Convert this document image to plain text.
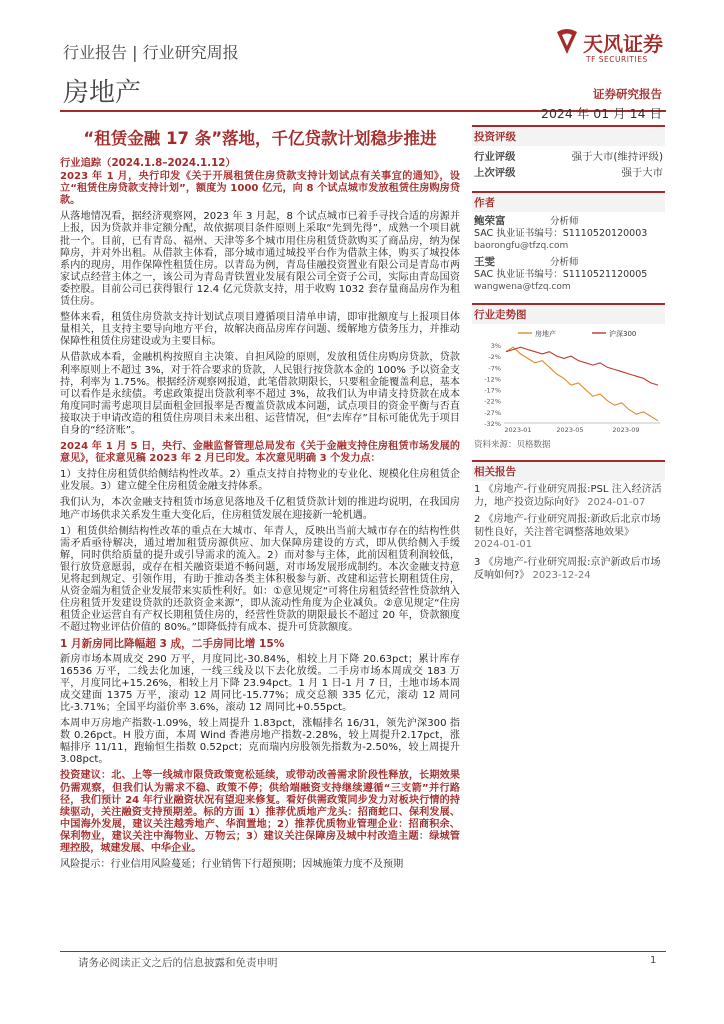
行业报告 | 行业研究周报
房地产
天风证券
TF SECURITIES
证券研究报告
2024 年 01 月 14 日
“租赁金融 17 条”落地，千亿贷款计划稳步推进

行业追踪（2024.1.8–2024.1.12）

2023 年 1 月，央行印发《关于开展租赁住房贷款支持计划试点有关事宜的通知》，设立“租赁住房贷款支持计划”，额度为 1000 亿元，向 8 个试点城市发放租赁住房购房贷款。

从落地情况看，据经济观察网，2023 年 3 月起，8 个试点城市已着手寻找合适的房源并上报，因为贷款并非定额分配，故依据项目条件原则上采取“先到先得”，成熟一个项目就批一个。目前，已有青岛、福州、天津等多个城市用住房租赁贷款购买了商品房，纳为保障房，并对外出租。从借款主体看，部分城市通过城投平台作为借款主体，购买了城投体系内的现房，用作保障性租赁住房。以青岛为例，青岛佳融投资置业有限公司是青岛市两家试点经营主体之一，该公司为青岛青铁置业发展有限公司全资子公司，实际由青岛国资委控股。目前公司已获得银行 12.4 亿元贷款支持，用于收购 1032 套存量商品房作为租赁住房。

整体来看，租赁住房贷款支持计划试点项目遵循项目清单申请，即审批额度与上报项目体量相关，且支持主要导向地方平台，故解决商品房库存问题、缓解地方债务压力，并推动保障性租赁住房建设或为主要目标。

从借款成本看，金融机构按照自主决策、自担风险的原则，发放租赁住房购房贷款，贷款利率原则上不超过 3%，对于符合要求的贷款，人民银行按贷款本金的 100% 予以资金支持，利率为 1.75%。根据经济观察网报道，此笔借款期限长，只要租金能覆盖利息，基本可以看作是永续债。考虑政策提出贷款利率不超过 3%，故我们认为申请支持贷款在成本角度同时需考虑项目层面租金回报率是否覆盖贷款成本问题，试点项目的资金平衡与否直接取决于申请改造的租赁住房项目未来出租、运营情况，但“去库存”目标可能优先于项目自身的“经济账”。

2024 年 1 月 5 日，央行、金融监督管理总局发布《关于金融支持住房租赁市场发展的意见》，征求意见稿 2023 年 2 月已印发。本次意见明确 3 个发力点：

1）支持住房租赁供给侧结构性改革。2）重点支持自持物业的专业化、规模化住房租赁企业发展。3）建立健全住房租赁金融支持体系。

我们认为，本次金融支持租赁市场意见落地及千亿租赁贷款计划的推进均说明，在我国房地产市场供求关系发生重大变化后，住房租赁发展在迎接新一轮机遇。

1）租赁供给侧结构性改革的重点在大城市、年青人，反映出当前大城市存在的结构性供需矛盾亟待解决，通过增加租赁房源供应、加大保障房建设的方式，即从供给侧入手缓解，同时供给质量的提升或引导需求的流入。2）而对参与主体，此前因租赁利润较低，银行放贷意愿弱，或存在相关融资渠道不畅问题，对市场发展形成制约。本次金融支持意见将起到规定、引领作用，有助于推动各类主体积极参与新、改建和运营长期租赁住房，从资金端为租赁企业发展带来实质性利好。如：①意见规定“可将住房租赁经营性贷款纳入住房租赁开发建设贷款的还款资金来源”，即从流动性角度为企业减负。②意见规定“住房租赁企业运营自有产权长期租赁住房的，经营性贷款的期限最长不超过 20 年，贷款额度不超过物业评估价值的 80%。”即降低持有成本、提升可贷款额度。

1 月新房同比降幅超 3 成，二手房同比增 15%

新房市场本周成交 290 万平，月度同比-30.84%，相较上月下降 20.63pct；累计库存 16536 万平，二线去化加速，一线三线及以下去化放缓。二手房市场本周成交 183 万平，月度同比+15.26%，相较上月下降 23.94pct。1 月 1 日-1 月 7 日，土地市场本周成交建面 1375 万平，滚动 12 周同比-15.77%；成交总额 335 亿元，滚动 12 周同比-3.71%；全国平均溢价率 3.6%，滚动 12 周同比+0.55pct。

本周申万房地产指数-1.09%，较上周提升 1.83pct，涨幅排名 16/31，领先沪深300 指数 0.26pct。H 股方面，本周 Wind 香港房地产指数-2.28%，较上周提升2.17pct，涨幅排序 11/11，跑输恒生指数 0.52pct；克而瑞内房股领先指数为-2.50%，较上周提升 3.08pct。

投资建议：北、上等一线城市限贷政策宽松延续，或带动改善需求阶段性释放，长期效果仍需观察，但我们认为需求不稳、政策不停；供给端融资支持继续遵循“三支箭”并行路径，我们预计 24 年行业融资状况有望迎来修复。看好供需政策同步发力对板块行情的持续驱动，关注融资支持预期差。标的方面 1）推荐优质地产龙头：招商蛇口、保利发展、中国海外发展，建议关注越秀地产、华润置地；2）推荐优质物业管理企业：招商积余、保利物业，建议关注中海物业、万物云；3）建议关注保障房及城中村改造主题：绿城管理控股，城建发展、中华企业。

风险提示：行业信用风险蔓延；行业销售下行超预期；因城施策力度不及预期

投资评级
行业评级	强于大市(维持评级)
上次评级	强于大市
作者
鲍荣富	分析师
SAC 执业证书编号：S1110520120003
baorongfu@tfzq.com
王雯	分析师
SAC 执业证书编号：S1110521120005
wangwena@tfzq.com
行业走势图
3%
-2%
-7%
-12%
-17%
-22%
-27%
-32%
2023-01	2023-05	2023-09
房地产	沪深300
资料来源：贝格数据
相关报告
1 《房地产-行业研究周报:PSL 注入经济活力，地产投资边际向好》 2024-01-07
2 《房地产-行业研究周报:新政后北京市场韧性良好，关注普宅调整落地效果》 2024-01-01
3 《房地产-行业研究周报:京沪新政后市场反响如何?》 2023-12-24
请务必阅读正文之后的信息披露和免责申明	1
